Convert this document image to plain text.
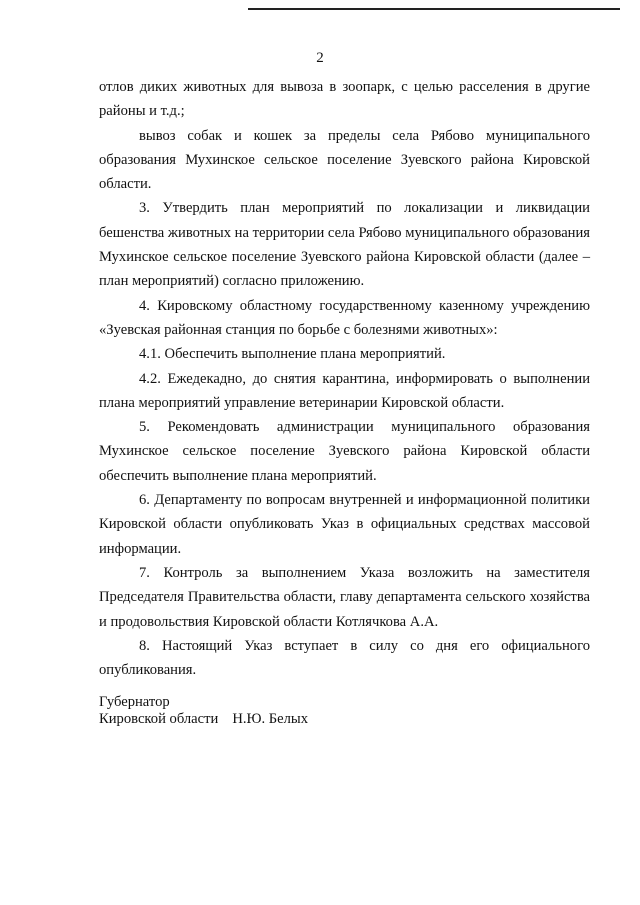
2

отлов диких животных для вывоза в зоопарк, с целью расселения в другие районы и т.д.;

вывоз собак и кошек за пределы села Рябово муниципального образования Мухинское сельское поселение Зуевского района Кировской области.

3. Утвердить план мероприятий по локализации и ликвидации бешенства животных на территории села Рябово муниципального образования Мухинское сельское поселение Зуевского района Кировской области (далее – план мероприятий) согласно приложению.

4. Кировскому областному государственному казенному учреждению «Зуевская районная станция по борьбе с болезнями животных»:

4.1. Обеспечить выполнение плана мероприятий.

4.2. Ежедекадно, до снятия карантина, информировать о выполнении плана мероприятий управление ветеринарии Кировской области.

5. Рекомендовать администрации муниципального образования Мухинское сельское поселение Зуевского района Кировской области обеспечить выполнение плана мероприятий.

6. Департаменту по вопросам внутренней и информационной политики Кировской области опубликовать Указ в официальных средствах массовой информации.

7. Контроль за выполнением Указа возложить на заместителя Председателя Правительства области, главу департамента сельского хозяйства и продовольствия Кировской области Котлячкова А.А.

8. Настоящий Указ вступает в силу со дня его официального опубликования.

Губернатор
Кировской области Н.Ю. Белых
